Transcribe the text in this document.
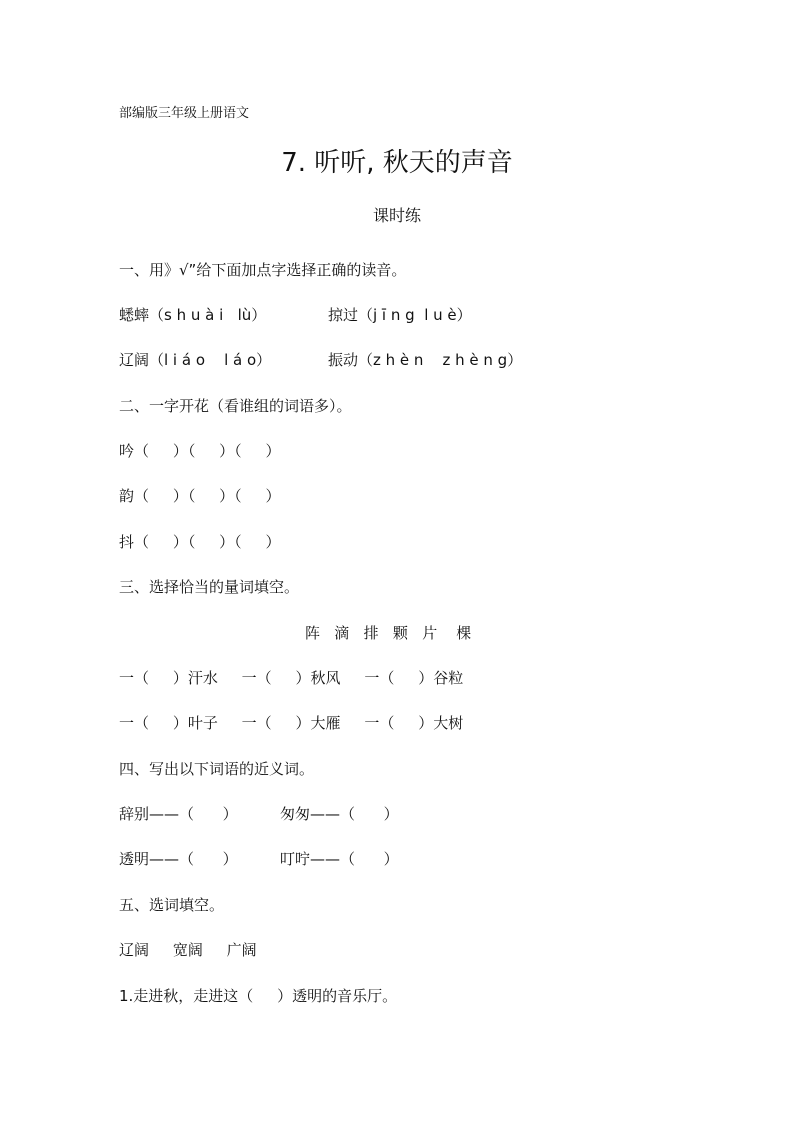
部编版三年级上册语文
7. 听听, 秋天的声音
课时练
一、用》√”给下面加点字选择正确的读音。
蟋蟀（s h u à i   lù）	掠过（j ī n g  l u è）
辽阔（l i á o    l á o）	振动（z h è n    z h è n g）
二、一字开花（看谁组的词语多）。
吟（     ）（     ）（     ）
韵（     ）（     ）（     ）
抖（     ）（     ）（     ）
三、选择恰当的量词填空。
阵   滴   排   颗   片    棵
一（     ）汗水     一（     ）秋风     一（     ）谷粒
一（     ）叶子     一（     ）大雁     一（     ）大树
四、写出以下词语的近义词。
辞别——（      ）	匆匆——（      ）
透明——（      ）	叮咛——（      ）
五、选词填空。
辽阔     宽阔     广阔
1.走进秋，走进这（     ）透明的音乐厅。
